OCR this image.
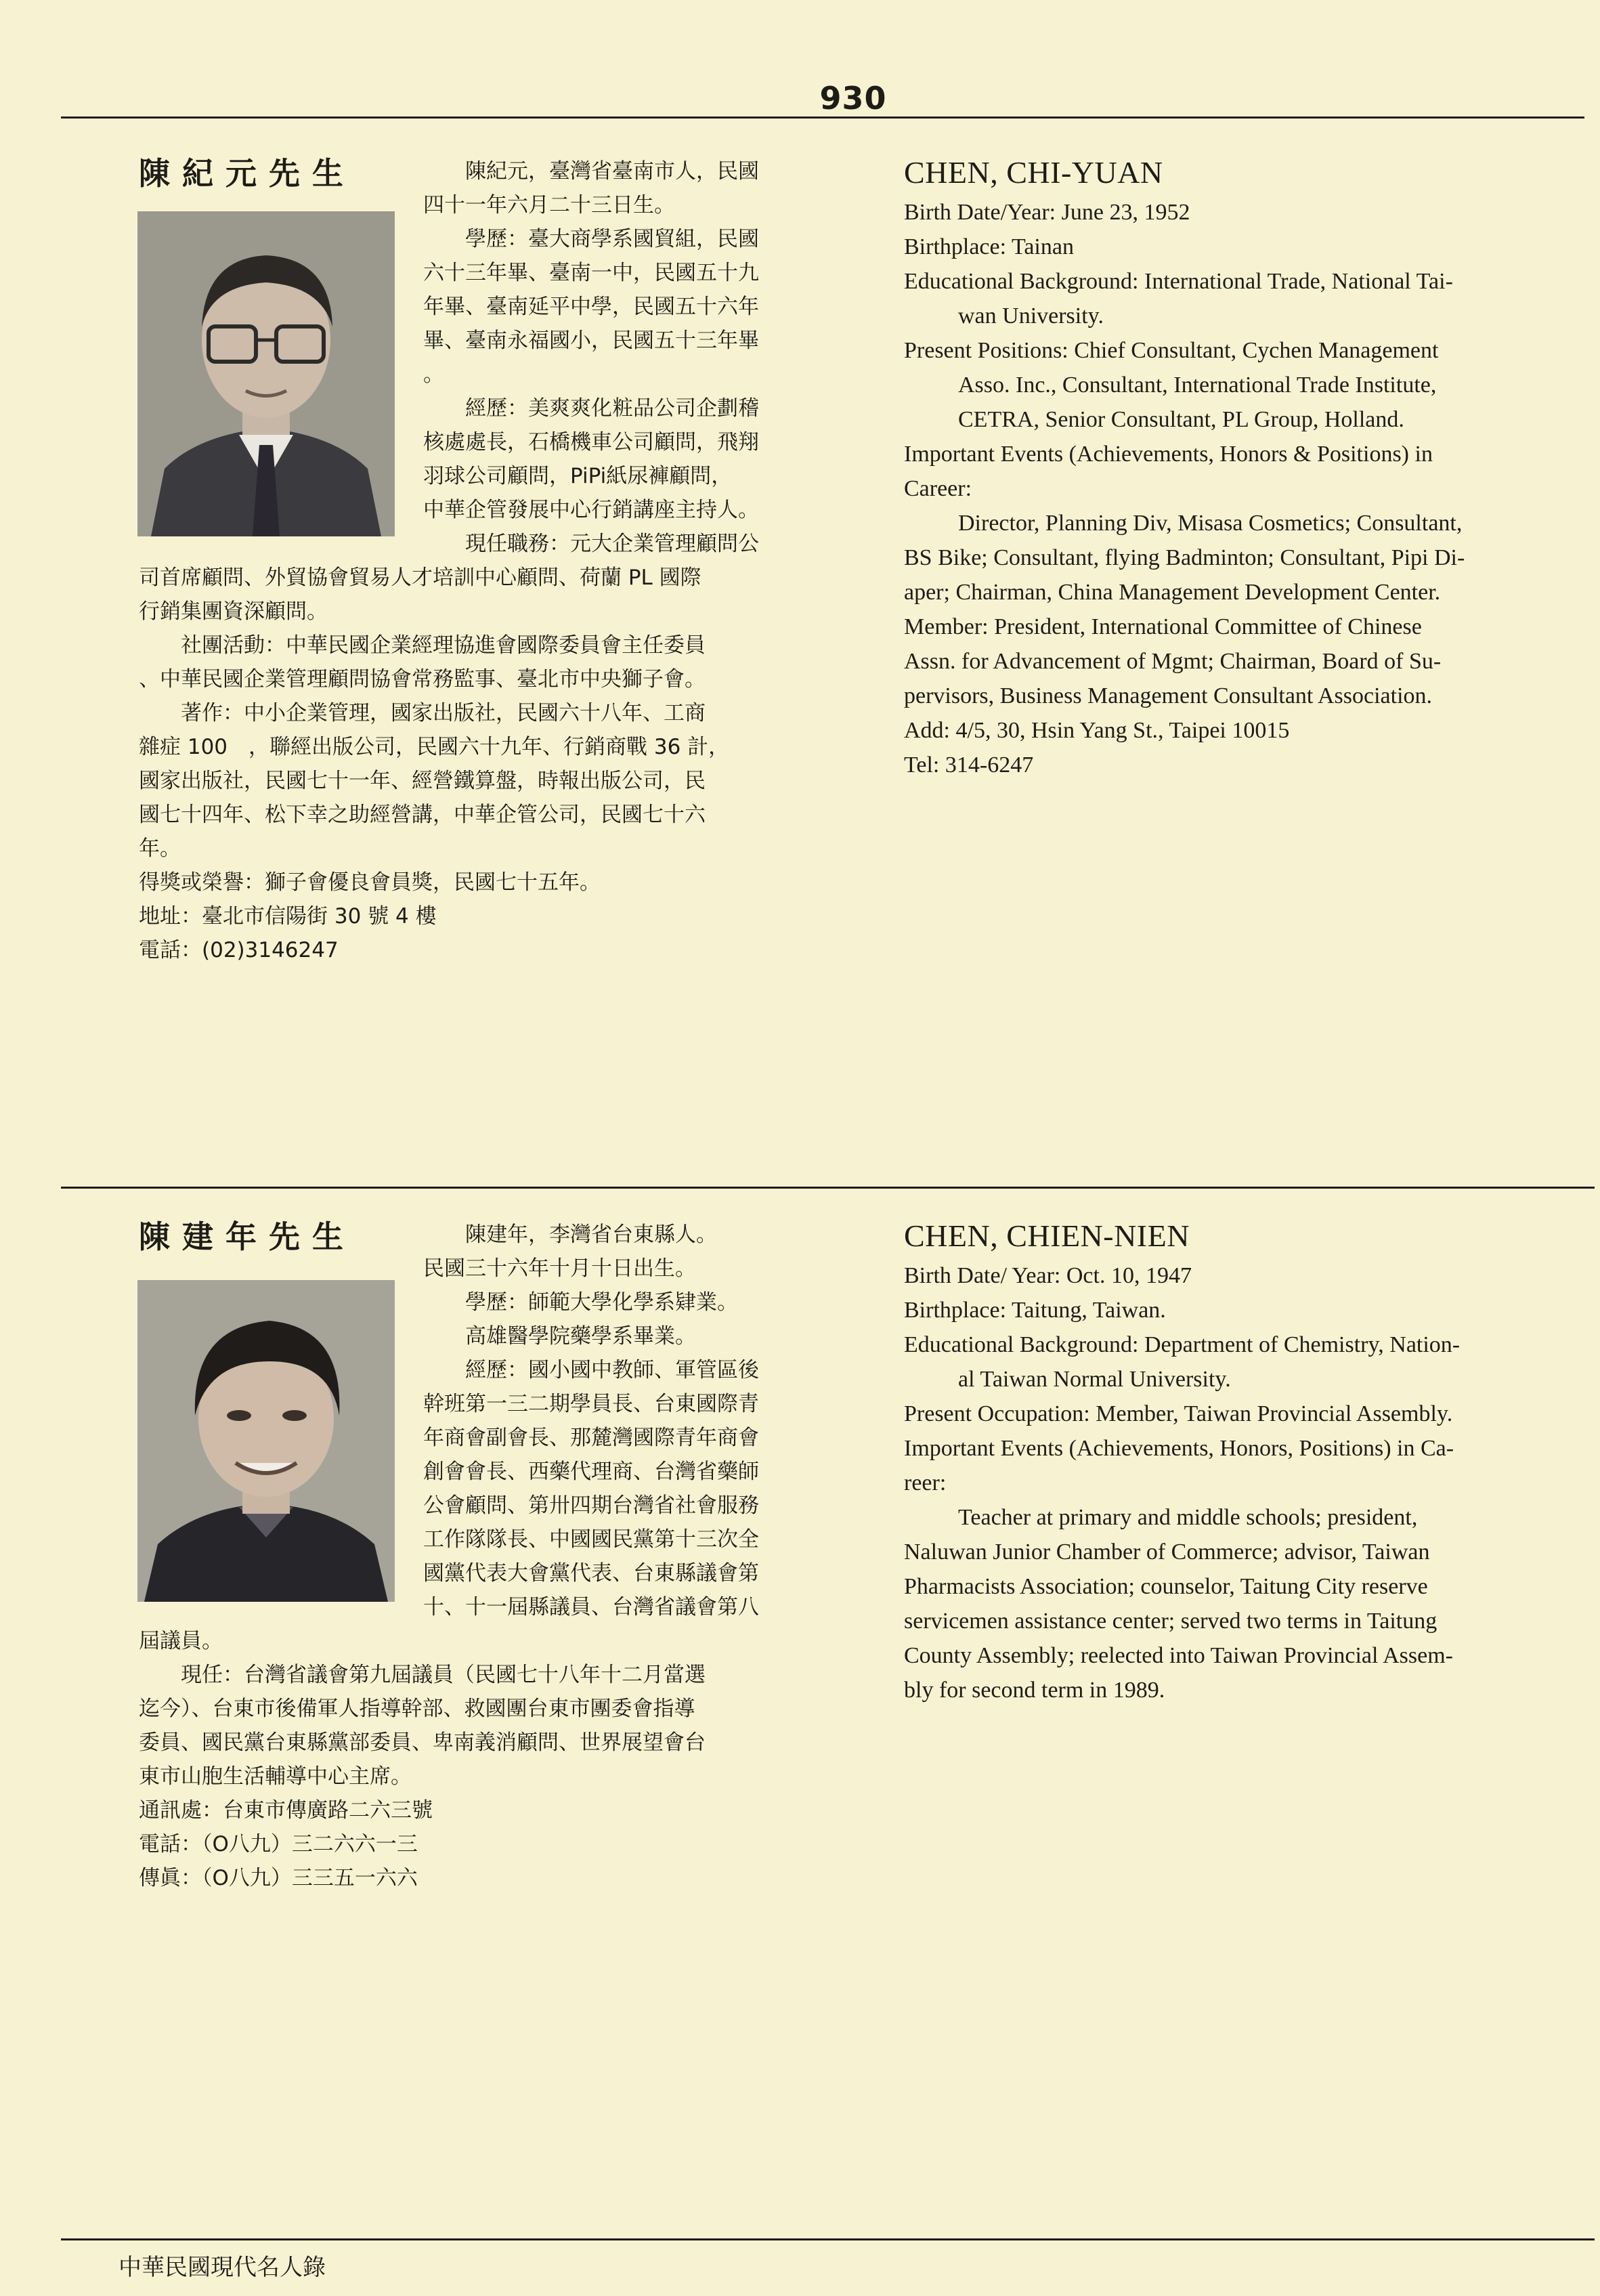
930
陳紀元先生	陳紀元，臺灣省臺南市人，民國
四十一年六月二十三日生。
學歷：臺大商學系國貿組，民國
六十三年畢、臺南一中，民國五十九
年畢、臺南延平中學，民國五十六年
畢、臺南永福國小，民國五十三年畢
。
經歷：美爽爽化粧品公司企劃稽
核處處長，石橋機車公司顧問，飛翔
羽球公司顧問，PiPi紙尿褲顧問，
中華企管發展中心行銷講座主持人。
現任職務：元大企業管理顧問公
司首席顧問、外貿協會貿易人才培訓中心顧問、荷蘭 PL 國際
行銷集團資深顧問。
社團活動：中華民國企業經理協進會國際委員會主任委員
、中華民國企業管理顧問協會常務監事、臺北市中央獅子會。
著作：中小企業管理，國家出版社，民國六十八年、工商
雜症 100　，聯經出版公司，民國六十九年、行銷商戰 36 計，
國家出版社，民國七十一年、經營鐵算盤，時報出版公司，民
國七十四年、松下幸之助經營講，中華企管公司，民國七十六
年。
得獎或榮譽：獅子會優良會員獎，民國七十五年。
地址：臺北市信陽街 30 號 4 樓
電話：(02)3146247
CHEN, CHI-YUAN
Birth Date/Year: June 23, 1952
Birthplace: Tainan
Educational Background: International Trade, National Tai-
wan University.
Present Positions: Chief Consultant, Cychen Management
Asso. Inc., Consultant, International Trade Institute,
CETRA, Senior Consultant, PL Group, Holland.
Important Events (Achievements, Honors & Positions) in
Career:
Director, Planning Div, Misasa Cosmetics; Consultant,
BS Bike; Consultant, flying Badminton; Consultant, Pipi Di-
aper; Chairman, China Management Development Center.
Member: President, International Committee of Chinese
Assn. for Advancement of Mgmt; Chairman, Board of Su-
pervisors, Business Management Consultant Association.
Add: 4/5, 30, Hsin Yang St., Taipei 10015
Tel: 314-6247
陳建年先生	陳建年，李灣省台東縣人。
民國三十六年十月十日出生。
學歷：師範大學化學系肄業。
高雄醫學院藥學系畢業。
經歷：國小國中教師、軍管區後
幹班第一三二期學員長、台東國際青
年商會副會長、那麓灣國際青年商會
創會會長、西藥代理商、台灣省藥師
公會顧問、第卅四期台灣省社會服務
工作隊隊長、中國國民黨第十三次全
國黨代表大會黨代表、台東縣議會第
十、十一屆縣議員、台灣省議會第八
屆議員。
現任：台灣省議會第九屆議員（民國七十八年十二月當選
迄今）、台東市後備軍人指導幹部、救國團台東市團委會指導
委員、國民黨台東縣黨部委員、卑南義消顧問、世界展望會台
東市山胞生活輔導中心主席。
通訊處：台東市傳廣路二六三號
電話：（O八九）三二六六一三
傳眞：（O八九）三三五一六六
CHEN, CHIEN-NIEN
Birth Date/ Year: Oct. 10, 1947
Birthplace: Taitung, Taiwan.
Educational Background: Department of Chemistry, Nation-
al Taiwan Normal University.
Present Occupation: Member, Taiwan Provincial Assembly.
Important Events (Achievements, Honors, Positions) in Ca-
reer:
Teacher at primary and middle schools; president,
Naluwan Junior Chamber of Commerce; advisor, Taiwan
Pharmacists Association; counselor, Taitung City reserve
servicemen assistance center; served two terms in Taitung
County Assembly; reelected into Taiwan Provincial Assem-
bly for second term in 1989.
中華民國現代名人錄
